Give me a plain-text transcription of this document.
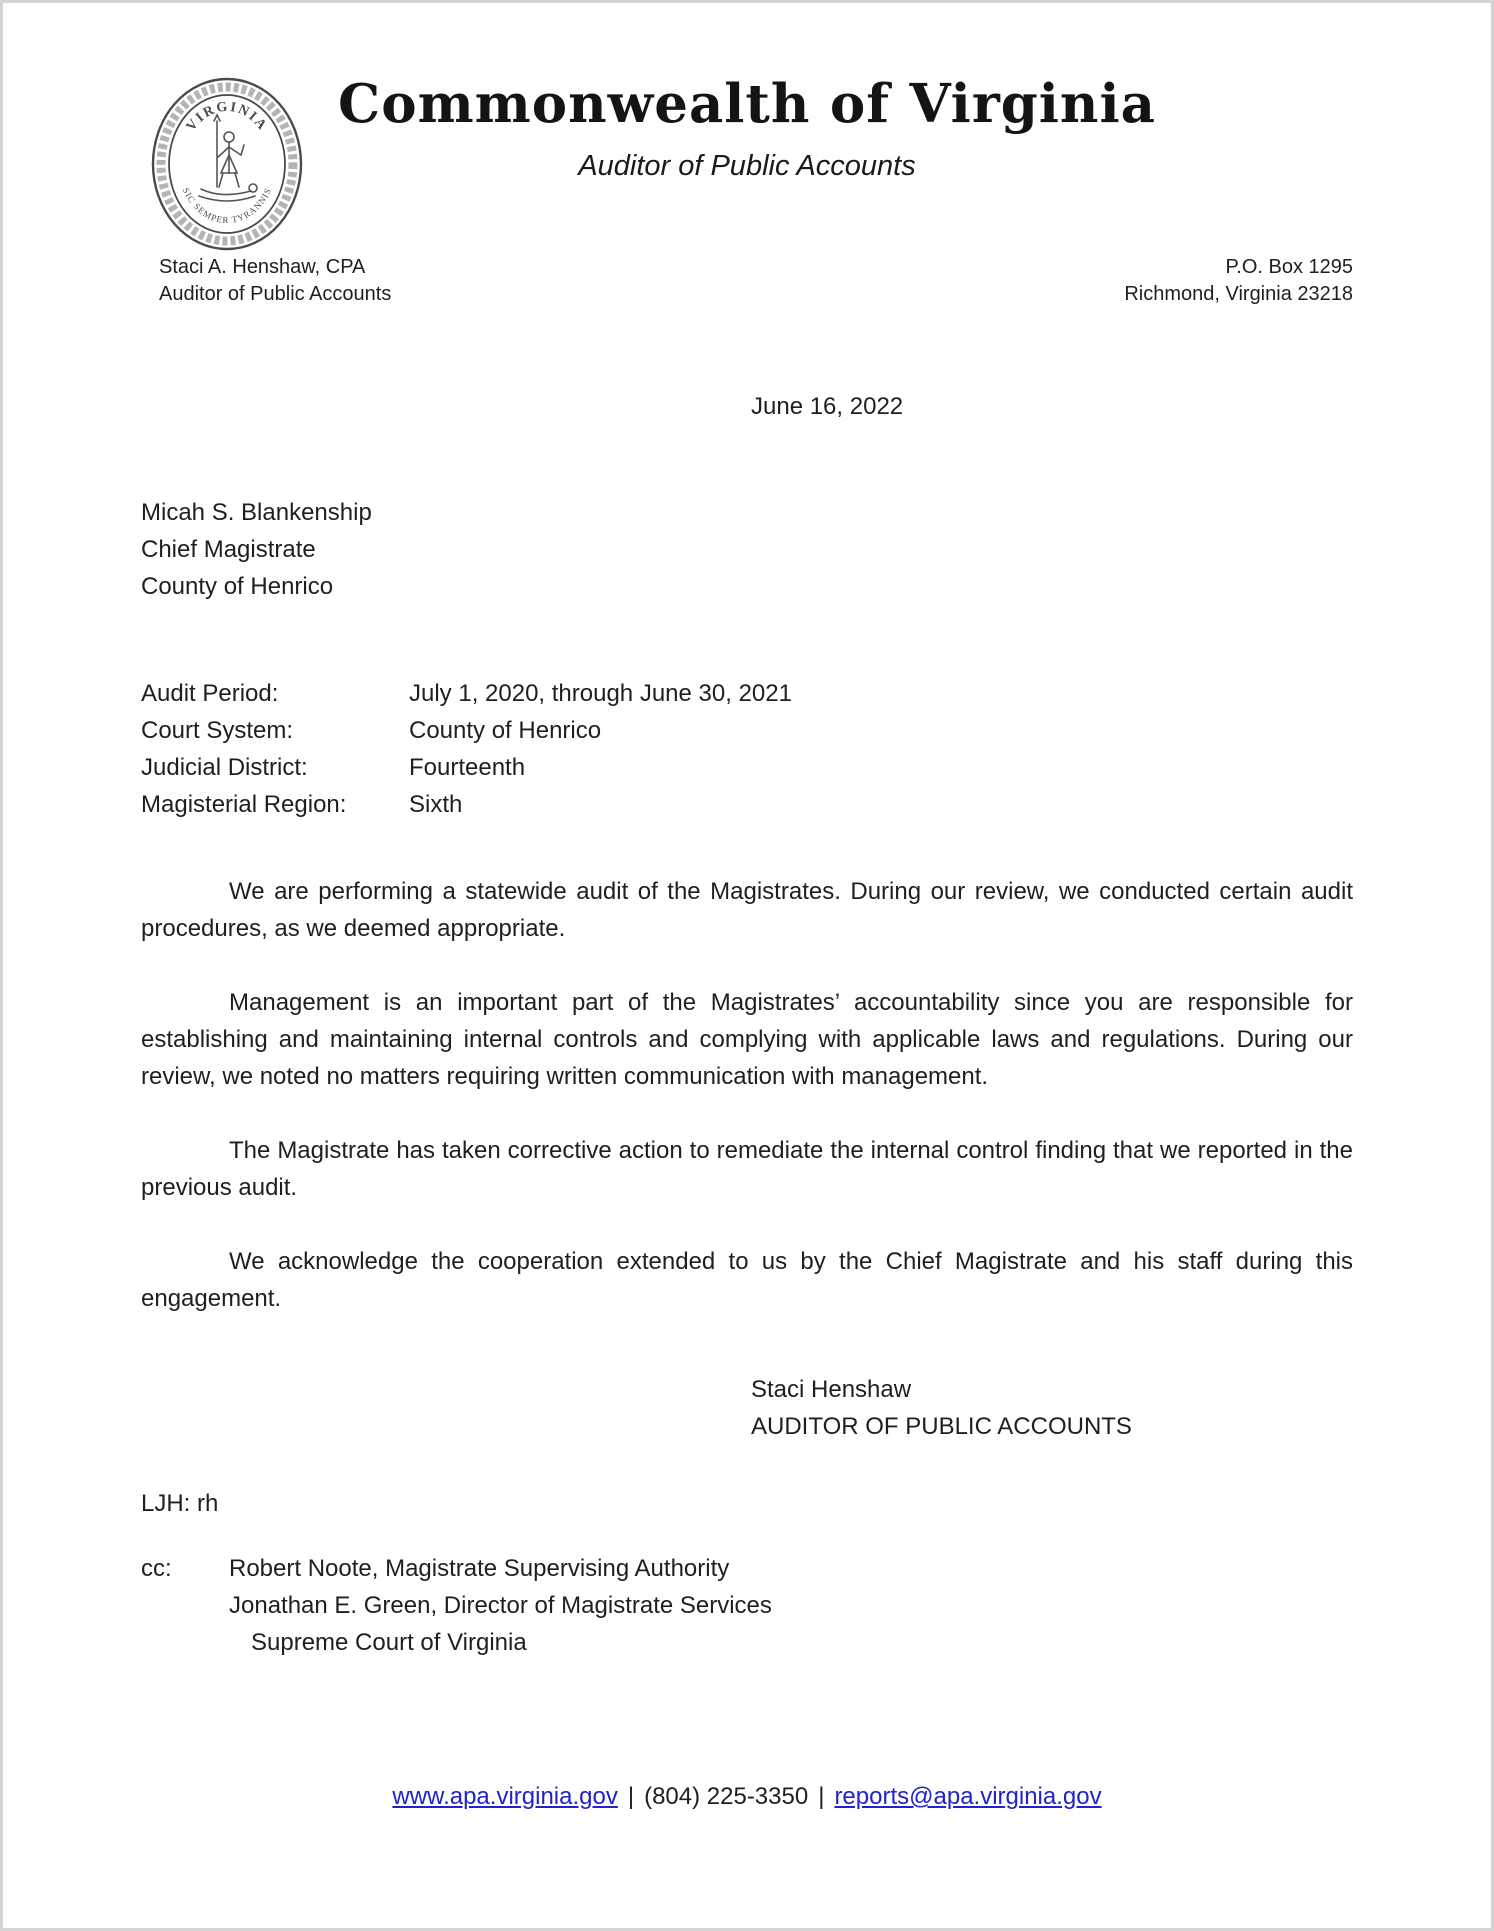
VIRGINIA
SIC SEMPER TYRANNIS
Commonwealth of Virginia
Auditor of Public Accounts
Staci A. Henshaw, CPA
Auditor of Public Accounts
P.O. Box 1295
Richmond, Virginia 23218
June 16, 2022
Micah S. Blankenship
Chief Magistrate
County of Henrico
Audit Period:	July 1, 2020, through June 30, 2021
Court System:	County of Henrico
Judicial District:	Fourteenth
Magisterial Region:	Sixth

We are performing a statewide audit of the Magistrates. During our review, we conducted certain audit procedures, as we deemed appropriate.

Management is an important part of the Magistrates’ accountability since you are responsible for establishing and maintaining internal controls and complying with applicable laws and regulations. During our review, we noted no matters requiring written communication with management.

The Magistrate has taken corrective action to remediate the internal control finding that we reported in the previous audit.

We acknowledge the cooperation extended to us by the Chief Magistrate and his staff during this engagement.

Staci Henshaw
AUDITOR OF PUBLIC ACCOUNTS
LJH: rh
cc:	Robert Noote, Magistrate Supervising Authority
Jonathan E. Green, Director of Magistrate Services
Supreme Court of Virginia
www.apa.virginia.gov | (804) 225-3350 | reports@apa.virginia.gov
